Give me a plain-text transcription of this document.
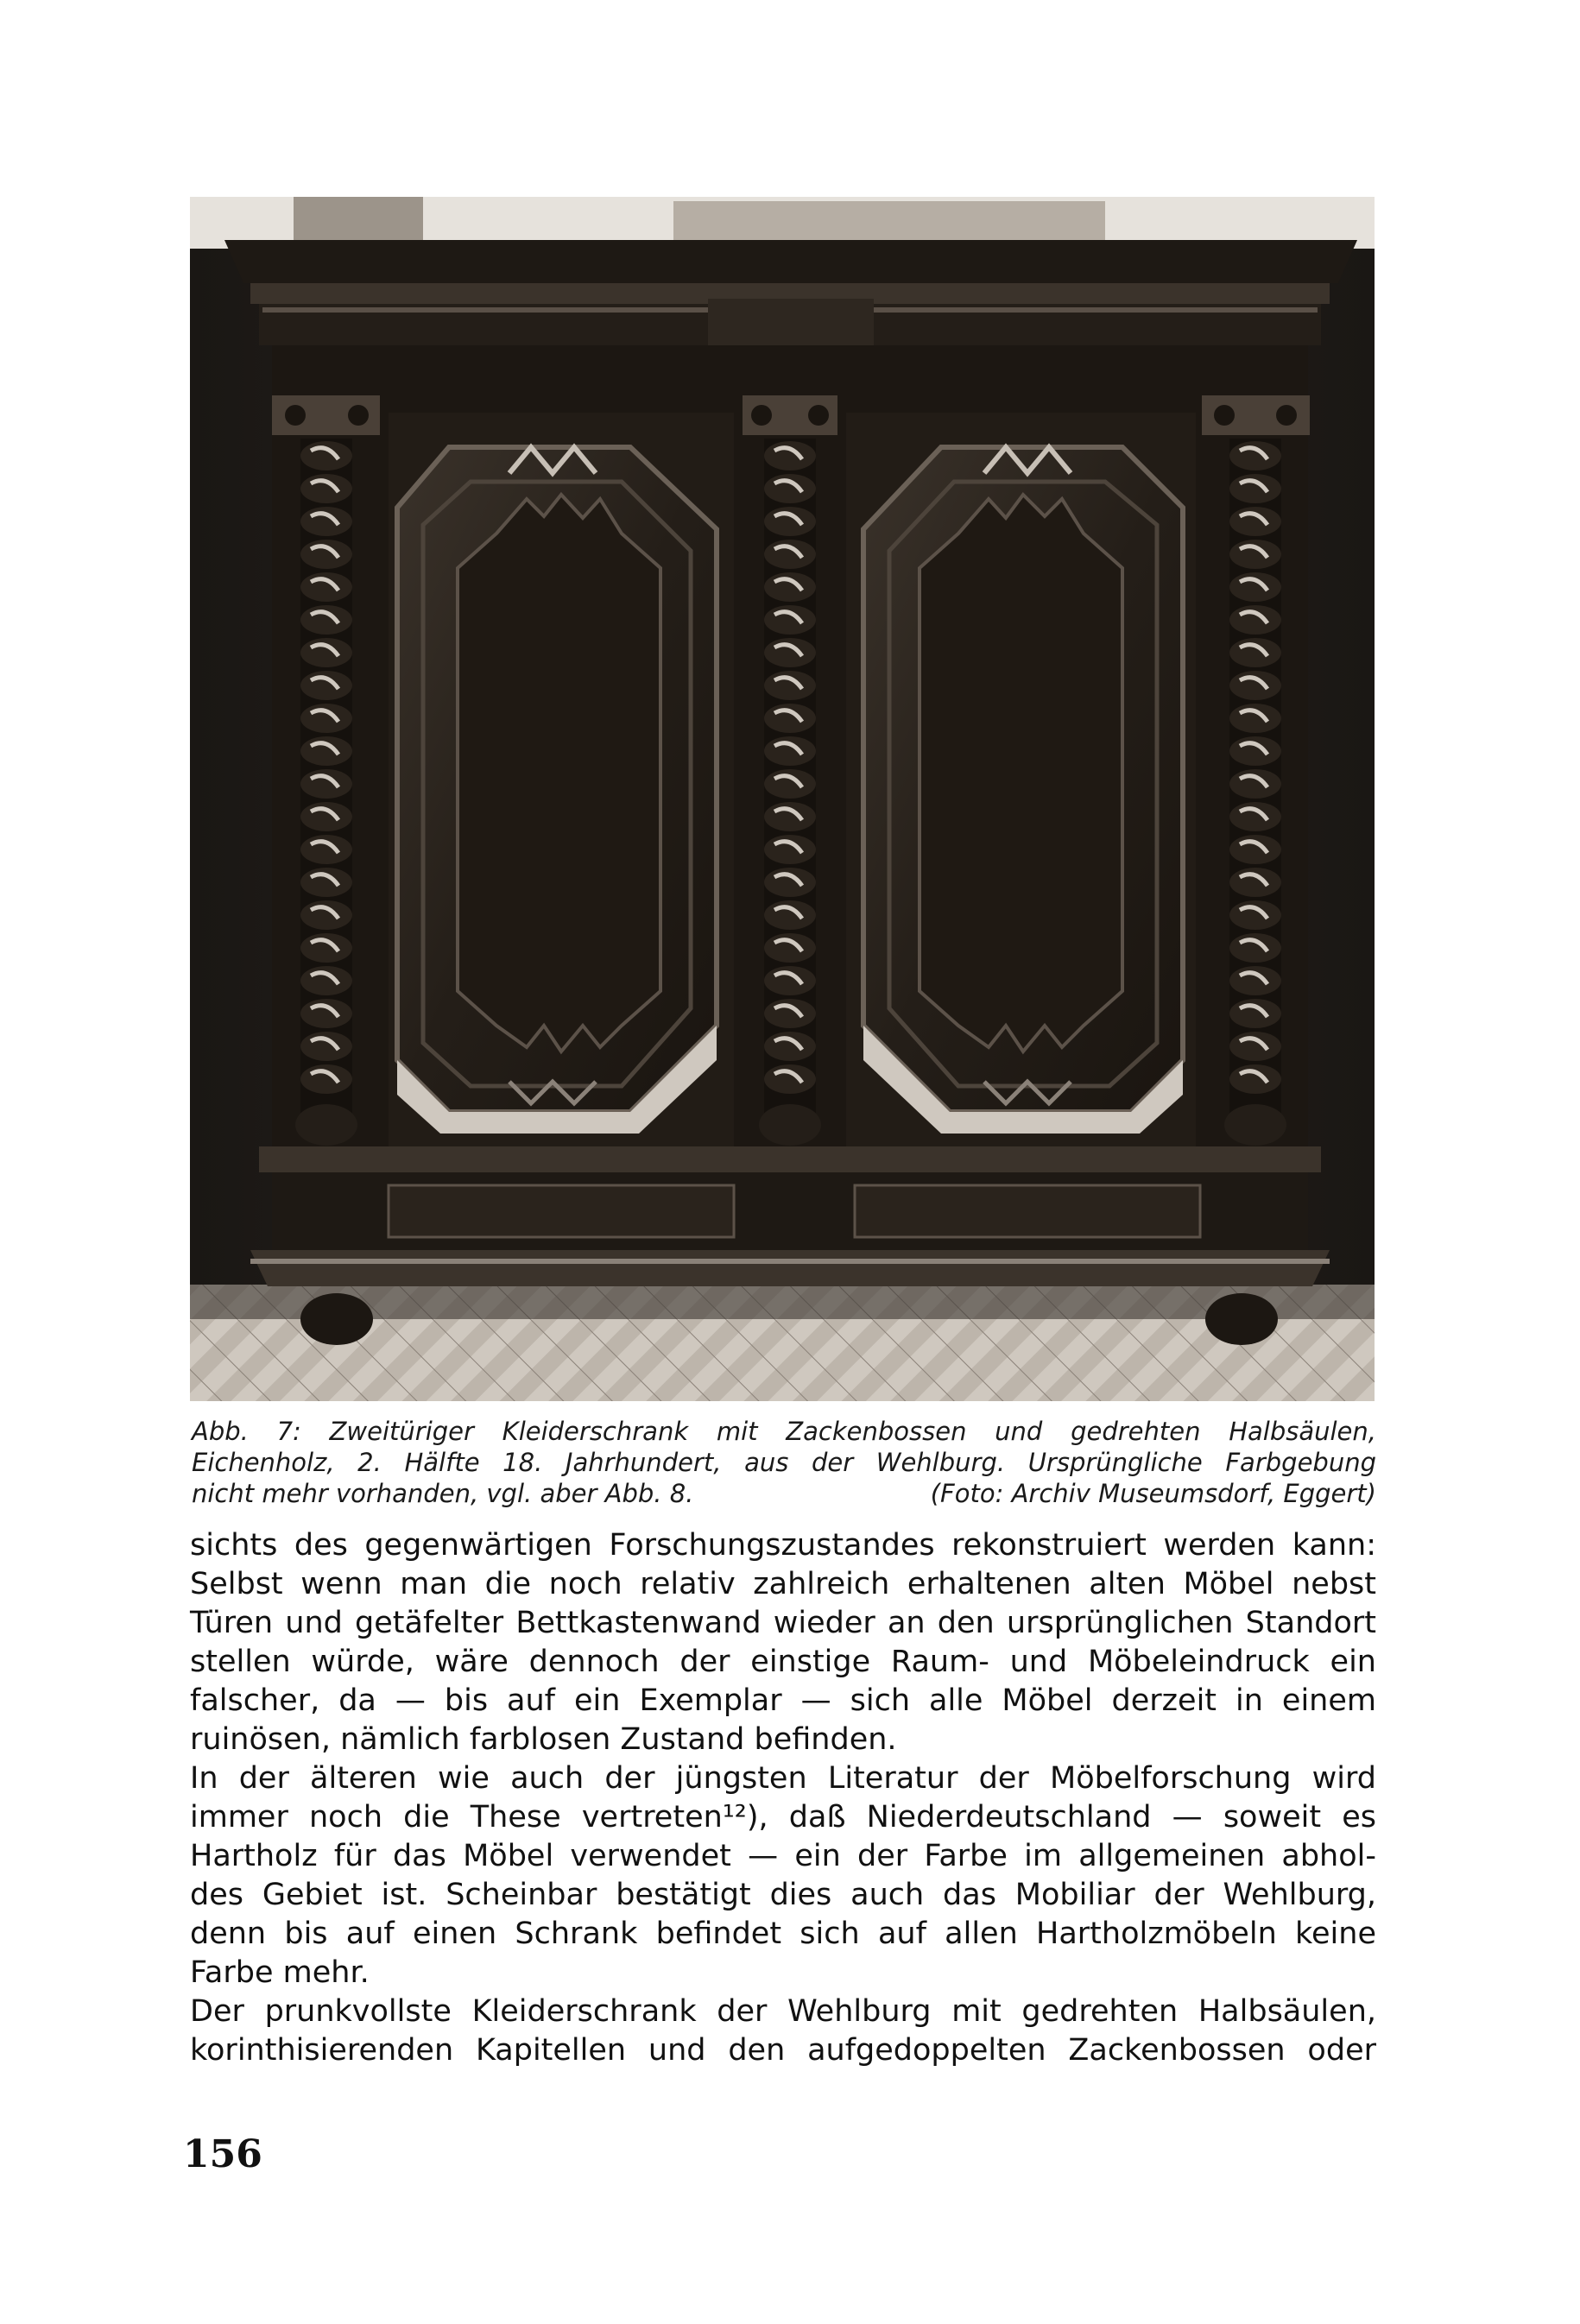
Abb. 7: Zweitüriger Kleiderschrank mit Zackenbossen und gedrehten Halbsäulen,
Eichenholz, 2. Hälfte 18. Jahrhundert, aus der Wehlburg. Ursprüngliche Farbgebung
nicht mehr vorhanden, vgl. aber Abb. 8.	(Foto: Archiv Museumsdorf, Eggert)
sichts des gegenwärtigen Forschungszustandes rekonstruiert werden kann:
Selbst wenn man die noch relativ zahlreich erhaltenen alten Möbel nebst
Türen und getäfelter Bettkastenwand wieder an den ursprünglichen Standort
stellen würde, wäre dennoch der einstige Raum- und Möbeleindruck ein
falscher, da — bis auf ein Exemplar — sich alle Möbel derzeit in einem
ruinösen, nämlich farblosen Zustand befinden.
In der älteren wie auch der jüngsten Literatur der Möbelforschung wird
immer noch die These vertreten¹²), daß Niederdeutschland — soweit es
Hartholz für das Möbel verwendet — ein der Farbe im allgemeinen abhol-
des Gebiet ist. Scheinbar bestätigt dies auch das Mobiliar der Wehlburg,
denn bis auf einen Schrank befindet sich auf allen Hartholzmöbeln keine
Farbe mehr.
Der prunkvollste Kleiderschrank der Wehlburg mit gedrehten Halbsäulen,
korinthisierenden Kapitellen und den aufgedoppelten Zackenbossen oder
156
